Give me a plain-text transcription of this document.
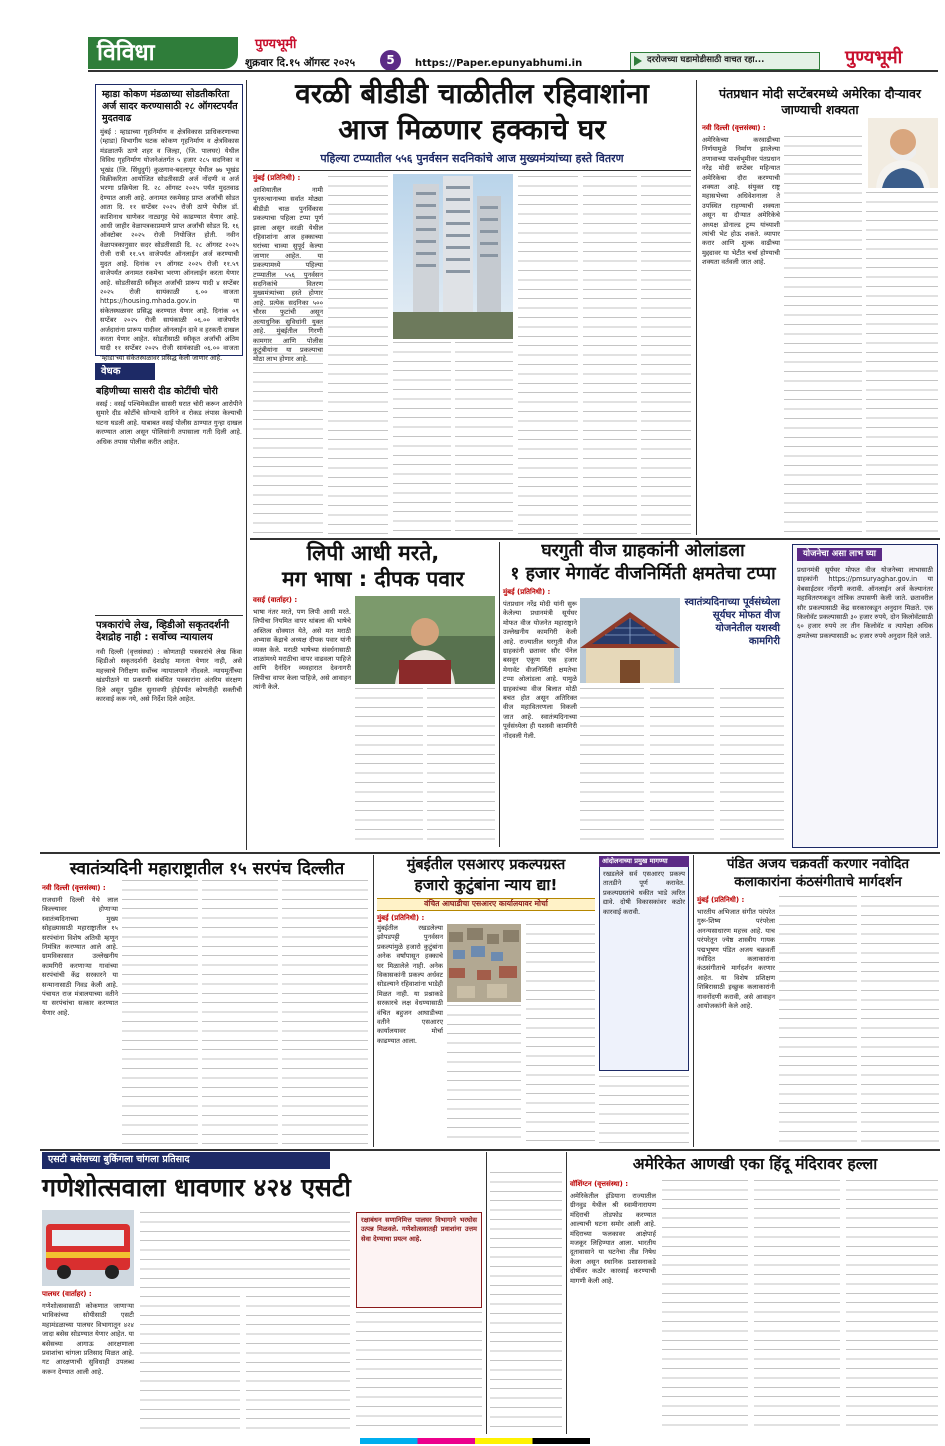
विविधा	पुण्यभूमी
शुक्रवार दि.१५ ऑगस्ट २०२५	5	https://Paper.epunyabhumi.in	दररोजच्या घडामोडीसाठी वाचत रहा...	पुण्यभूमी
म्हाडा कोकण मंडळाच्या सोडतीकरिता अर्ज सादर करण्यासाठी २८ ऑगस्टपर्यंत मुदतवाढ
मुंबई : म्हाडाच्या गृहनिर्माण व क्षेत्रविकास प्राधिकरणाच्या (म्हाडा) विभागीय घटक कोकण गृहनिर्माण व क्षेत्रविकास मंडळातर्फे ठाणे शहर व जिल्हा, (जि. पालघर) येथील विविध गृहनिर्माण योजनेअंतर्गत ५ हजार २८५ सदनिका व भूखंड (जि. सिंधुदुर्ग) कुळगाव-बदलापूर येथील ७७ भूखंड विक्रीकरिता आयोजित सोडतीसाठी अर्ज नोंदणी व अर्ज भरणा प्रक्रियेला दि. २८ ऑगस्ट २०२५ पर्यंत मुदतवाढ देण्यात आली आहे. अनामत रकमेसह प्राप्त अर्जांची सोडत आता दि. ११ सप्टेंबर २०२५ रोजी ठाणे येथील डॉ. काशिनाथ घाणेकर नाट्यगृह येथे काढण्यात येणार आहे. आधी जाहीर वेळापत्रकाप्रमाणे प्राप्त अर्जांची सोडत दि. १६ ऑक्टोबर २०२५ रोजी नियोजित होती. नवीन वेळापत्रकानुसार सदर सोडतीसाठी दि. २८ ऑगस्ट २०२५ रोजी रात्री ११.५९ वाजेपर्यंत ऑनलाईन अर्ज करण्याची मुदत आहे. दिनांक २९ ऑगस्ट २०२५ रोजी ११.५९ वाजेपर्यंत अनामत रकमेचा भरणा ऑनलाईन करता येणार आहे. सोडतीसाठी स्वीकृत अर्जांची प्रारूप यादी ४ सप्टेंबर २०२५ रोजी सायंकाळी ६.०० वाजता https://housing.mhada.gov.in या संकेतस्थळावर प्रसिद्ध करण्यात येणार आहे. दिनांक ०९ सप्टेंबर २०२५ रोजी सायंकाळी ०६.०० वाजेपर्यंत अर्जदारांना प्रारूप यादीवर ऑनलाईन दावे व हरकती दाखल करता येणार आहेत. सोडतीसाठी स्वीकृत अर्जांची अंतिम यादी ११ सप्टेंबर २०२५ रोजी सायंकाळी ०६.०० वाजता 'म्हाडा'च्या संकेतस्थळावर प्रसिद्ध केली जाणार आहे.
वेधक
बहिणीच्या सासरी दीड कोटींची चोरी
वसई : वसई पश्चिमेकडील सासरी घरात चोरी करून आरोपीने सुमारे दीड कोटींचे सोन्याचे दागिने व रोकड लंपास केल्याची घटना घडली आहे. याबाबत वसई पोलीस ठाण्यात गुन्हा दाखल करण्यात आला असून पोलिसांनी तपासाला गती दिली आहे. अधिक तपास पोलीस करीत आहेत.
पत्रकारांचे लेख, व्हिडीओ सकृतदर्शनी देशद्रोह नाही : सर्वोच्च न्यायालय
नवी दिल्ली (वृत्तसंस्था) : कोणताही पत्रकारांचे लेख किंवा व्हिडीओ सकृतदर्शनी देशद्रोह मानता येणार नाही, असे महत्त्वाचे निरीक्षण सर्वोच्च न्यायालयाने नोंदवले. न्यायमूर्तींच्या खंडपीठाने या प्रकरणी संबंधित पत्रकारांना अंतरिम संरक्षण दिले असून पुढील सुनावणी होईपर्यंत कोणतीही सक्तीची कारवाई करू नये, असे निर्देश दिले आहेत.
वरळी बीडीडी चाळीतील रहिवाशांना
आज मिळणार हक्काचे घर
पहिल्या टप्प्यातील ५५६ पुनर्वसन सदनिकांचे आज मुख्यमंत्र्यांच्या हस्ते वितरण
मुंबई (प्रतिनिधी) :
आशियातील नामी पुनरुत्थानाच्या सर्वात मोठ्या बीडीडी चाळ पुनर्विकास प्रकल्पाचा पहिला टप्पा पूर्ण झाला असून वरळी येथील रहिवाशांना आज हक्काच्या घरांच्या चाव्या सुपूर्द केल्या जाणार आहेत. या प्रकल्पामध्ये पहिल्या टप्प्यातील ५५६ पुनर्वसन सदनिकांचे वितरण मुख्यमंत्र्यांच्या हस्ते होणार आहे. प्रत्येक सदनिका ५०० चौरस फुटांची असून अत्याधुनिक सुविधांनी युक्त आहे. मुंबईतील गिरणी कामगार आणि पोलीस कुटुंबीयांना या प्रकल्पाचा मोठा लाभ होणार आहे.
पंतप्रधान मोदी सप्टेंबरमध्ये अमेरिका दौऱ्यावर जाण्याची शक्यता
नवी दिल्ली (वृत्तसंस्था) :
अमेरिकेच्या करवाढीच्या निर्णयामुळे निर्माण झालेल्या तणावाच्या पार्श्वभूमीवर पंतप्रधान नरेंद्र मोदी सप्टेंबर महिन्यात अमेरिकेचा दौरा करण्याची शक्यता आहे. संयुक्त राष्ट्र महासभेच्या अधिवेशनाला ते उपस्थित राहण्याची शक्यता असून या दौऱ्यात अमेरिकेचे अध्यक्ष डोनाल्ड ट्रम्प यांच्याशी त्यांची भेट होऊ शकते. व्यापार करार आणि शुल्क वाढीच्या मुद्द्यावर या भेटीत चर्चा होण्याची शक्यता वर्तवली जात आहे.
लिपी आधी मरते,
मग भाषा : दीपक पवार
वसई (वार्ताहर) :
भाषा नंतर मरते, पण लिपी आधी मरते. लिपीचा नियमित वापर थांबला की भाषेचे अस्तित्व धोक्यात येते, असे मत मराठी अभ्यास केंद्राचे अध्यक्ष दीपक पवार यांनी व्यक्त केले. मराठी भाषेच्या संवर्धनासाठी शाळांमध्ये मराठीचा वापर वाढवला पाहिजे आणि दैनंदिन व्यवहारात देवनागरी लिपीचा वापर केला पाहिजे, असे आवाहन त्यांनी केले.
घरगुती वीज ग्राहकांनी ओलांडला
१ हजार मेगावॅट वीजनिर्मिती क्षमतेचा टप्पा
मुंबई (प्रतिनिधी) :
स्वातंत्र्यदिनाच्या पूर्वसंध्येला सूर्यघर मोफत वीज योजनेतील यशस्वी कामगिरी
पंतप्रधान नरेंद्र मोदी यांनी सुरू केलेल्या प्रधानमंत्री सूर्यघर मोफत वीज योजनेत महाराष्ट्राने उल्लेखनीय कामगिरी केली आहे. राज्यातील घरगुती वीज ग्राहकांनी छतावर सौर पॅनेल बसवून एकूण एक हजार मेगावॅट वीजनिर्मिती क्षमतेचा टप्पा ओलांडला आहे. यामुळे ग्राहकांच्या वीज बिलात मोठी बचत होत असून अतिरिक्त वीज महावितरणला विकली जात आहे. स्वातंत्र्यदिनाच्या पूर्वसंध्येला ही यशस्वी कामगिरी नोंदवली गेली.
योजनेचा असा लाभ घ्या
प्रधानमंत्री सूर्यघर मोफत वीज योजनेच्या लाभासाठी ग्राहकांनी https://pmsuryaghar.gov.in या वेबसाईटवर नोंदणी करावी. ऑनलाईन अर्ज केल्यानंतर महावितरणकडून तांत्रिक तपासणी केली जाते. छतावरील सौर प्रकल्पासाठी केंद्र सरकारकडून अनुदान मिळते. एक किलोवॅट प्रकल्पासाठी ३० हजार रुपये, दोन किलोवॅटसाठी ६० हजार रुपये तर तीन किलोवॅट व त्यापेक्षा अधिक क्षमतेच्या प्रकल्पासाठी ७८ हजार रुपये अनुदान दिले जाते.
स्वातंत्र्यदिनी महाराष्ट्रातील १५ सरपंच दिल्लीत
नवी दिल्ली (वृत्तसंस्था) :
राजधानी दिल्ली येथे लाल किल्ल्यावर होणाऱ्या स्वातंत्र्यदिनाच्या मुख्य सोहळ्यासाठी महाराष्ट्रातील १५ सरपंचांना विशेष अतिथी म्हणून निमंत्रित करण्यात आले आहे. ग्रामविकासात उल्लेखनीय कामगिरी करणाऱ्या गावांच्या सरपंचांची केंद्र सरकारने या सन्मानासाठी निवड केली आहे. पंचायत राज मंत्रालयाच्या वतीने या सरपंचांचा सत्कार करण्यात येणार आहे.
मुंबईतील एसआरए प्रकल्पग्रस्त
हजारो कुटुंबांना न्याय द्या!
वंचित आघाडीचा एसआरए कार्यालयावर मोर्चा
मुंबई (प्रतिनिधी) :
मुंबईतील रखडलेल्या झोपडपट्टी पुनर्वसन प्रकल्पांमुळे हजारो कुटुंबांना अनेक वर्षांपासून हक्काचे घर मिळालेले नाही. अनेक विकासकांनी प्रकल्प अर्धवट सोडल्याने रहिवाशांना भाडेही मिळत नाही. या प्रश्नाकडे सरकारचे लक्ष वेधण्यासाठी वंचित बहुजन आघाडीच्या वतीने एसआरए कार्यालयावर मोर्चा काढण्यात आला.
आंदोलनाच्या प्रमुख मागण्या
रखडलेले सर्व एसआरए प्रकल्प तातडीने पूर्ण करावेत. प्रकल्पग्रस्तांचे थकीत भाडे त्वरित द्यावे. दोषी विकासकांवर कठोर कारवाई करावी.
पंडित अजय चक्रवर्ती करणार नवोदित कलाकारांना कंठसंगीताचे मार्गदर्शन
मुंबई (प्रतिनिधी) :
भारतीय अभिजात संगीत परंपरेत गुरू-शिष्य परंपरेला अनन्यसाधारण महत्त्व आहे. याच परंपरेतून ज्येष्ठ शास्त्रीय गायक पद्मभूषण पंडित अजय चक्रवर्ती नवोदित कलाकारांना कंठसंगीताचे मार्गदर्शन करणार आहेत. या विशेष प्रशिक्षण शिबिरासाठी इच्छुक कलाकारांनी नावनोंदणी करावी, असे आवाहन आयोजकांनी केले आहे.
एसटी बसेसच्या बुकिंगला चांगला प्रतिसाद
गणेशोत्सवाला धावणार ४२४ एसटी
पालघर (वार्ताहर) :
गणेशोत्सवासाठी कोकणात जाणाऱ्या भाविकांच्या सोयीसाठी एसटी महामंडळाच्या पालघर विभागातून ४२४ जादा बसेस सोडण्यात येणार आहेत. या बसेसच्या आगाऊ आरक्षणाला प्रवाशांचा चांगला प्रतिसाद मिळत आहे. गट आरक्षणाची सुविधाही उपलब्ध करून देण्यात आली आहे.
रक्षाबंधन सणानिमित्त पालघर विभागाने भरघोस उत्पन्न मिळवले. गणेशोत्सवातही प्रवाशांना उत्तम सेवा देण्याचा प्रयत्न आहे.
अमेरिकेत आणखी एका हिंदू मंदिरावर हल्ला
वॉशिंग्टन (वृत्तसंस्था) :
अमेरिकेतील इंडियाना राज्यातील ग्रीनवुड येथील श्री स्वामीनारायण मंदिराची तोडफोड करण्यात आल्याची घटना समोर आली आहे. मंदिराच्या फलकावर आक्षेपार्ह मजकूर लिहिण्यात आला. भारतीय दूतावासाने या घटनेचा तीव्र निषेध केला असून स्थानिक प्रशासनाकडे दोषींवर कठोर कारवाई करण्याची मागणी केली आहे.
